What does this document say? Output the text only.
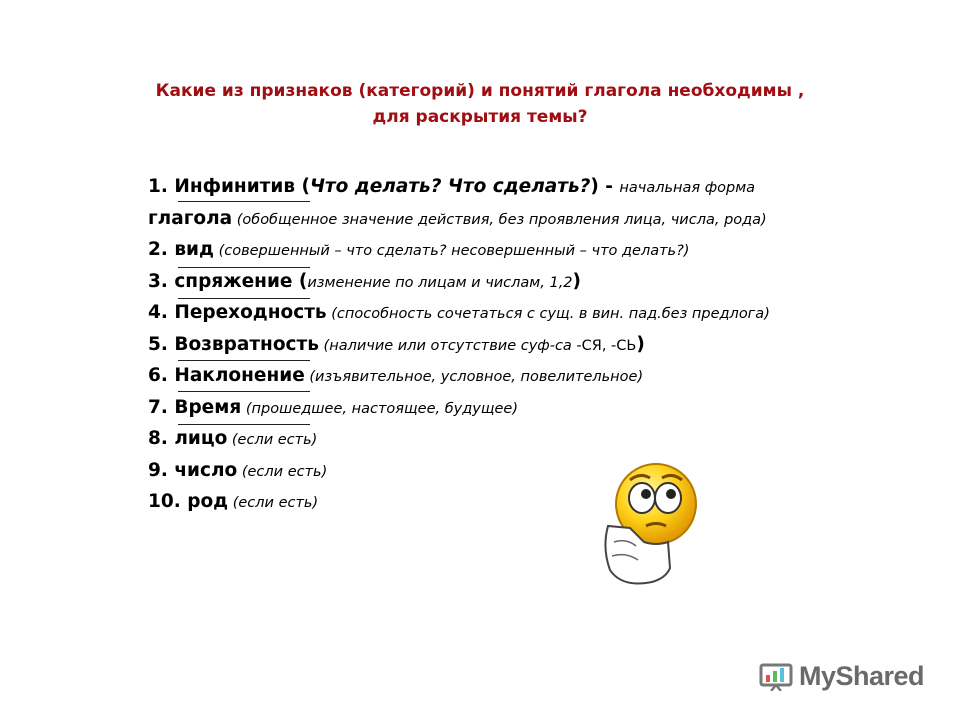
Какие из признаков (категорий) и понятий глагола необходимы ,
для раскрытия темы?
1. Инфинитив (Что делать? Что сделать?) - начальная форма
глагола (обобщенное значение действия, без проявления лица, числа, рода)
2. вид (совершенный – что сделать? несовершенный – что делать?)
3. спряжение (изменение по лицам и числам, 1,2)
4. Переходность (способность сочетаться с сущ. в вин. пад.без предлога)
5. Возвратность (наличие или отсутствие суф-са -СЯ, -СЬ)
6. Наклонение (изъявительное, условное, повелительное)
7. Время (прошедшее, настоящее, будущее)
8. лицо (если есть)
9. число (если есть)
10. род (если есть)
MyShared
